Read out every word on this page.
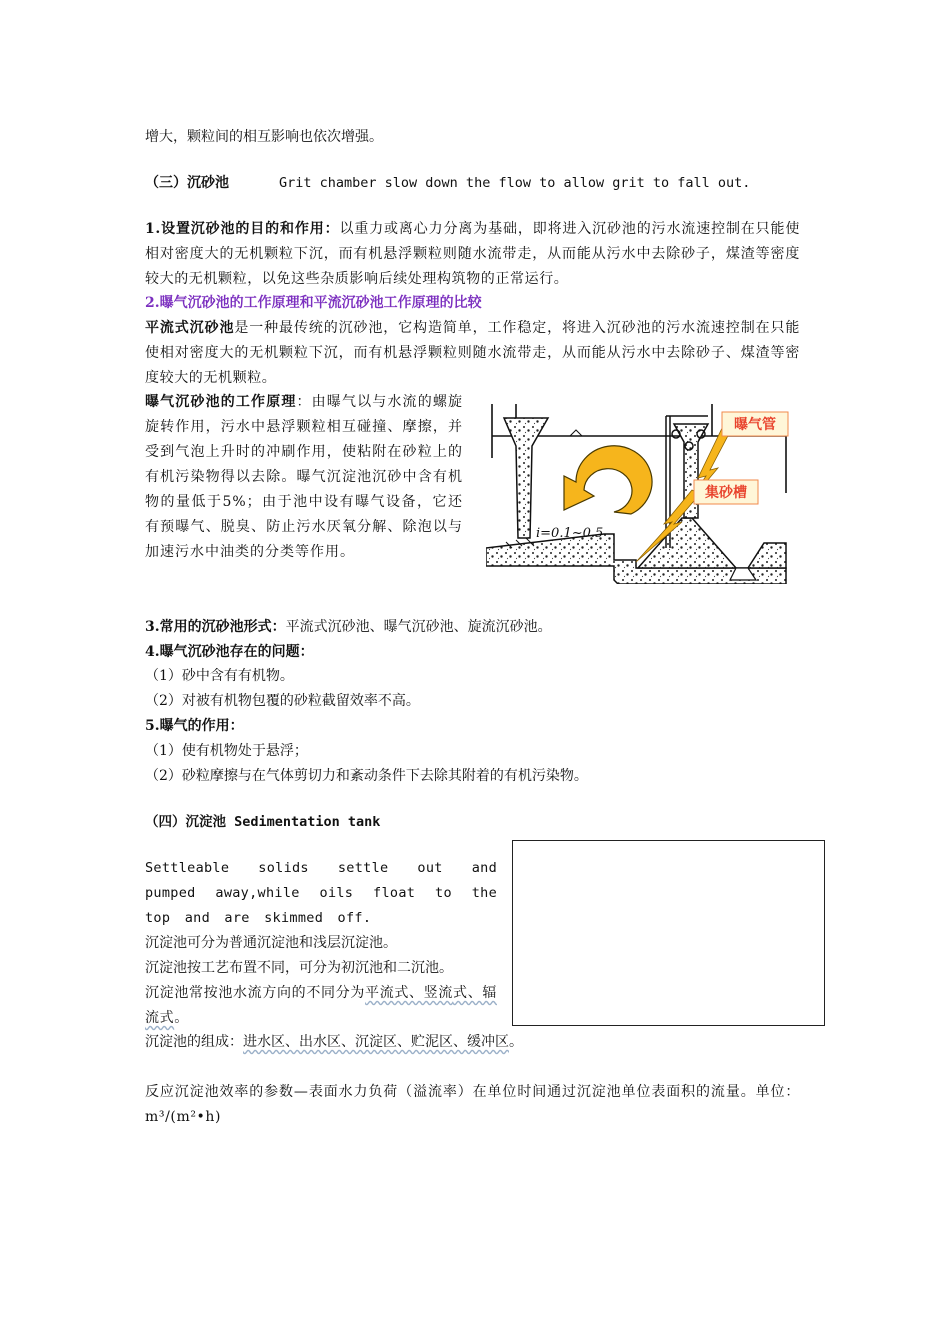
增大，颗粒间的相互影响也依次增强。
（三）沉砂池	Grit chamber slow down the flow to allow grit to fall out.
1.设置沉砂池的目的和作用：以重力或离心力分离为基础，即将进入沉砂池的污水流速控制在只能使相对密度大的无机颗粒下沉，而有机悬浮颗粒则随水流带走，从而能从污水中去除砂子，煤渣等密度较大的无机颗粒，以免这些杂质影响后续处理构筑物的正常运行。
2.曝气沉砂池的工作原理和平流沉砂池工作原理的比较
平流式沉砂池是一种最传统的沉砂池，它构造简单，工作稳定，将进入沉砂池的污水流速控制在只能使相对密度大的无机颗粒下沉，而有机悬浮颗粒则随水流带走，从而能从污水中去除砂子、煤渣等密度较大的无机颗粒。
曝气沉砂池的工作原理：由曝气以与水流的螺旋旋转作用，污水中悬浮颗粒相互碰撞、摩擦，并受到气泡上升时的冲刷作用，使粘附在砂粒上的有机污染物得以去除。曝气沉淀池沉砂中含有机物的量低于5%；由于池中设有曝气设备，它还有预曝气、脱臭、防止污水厌氧分解、除泡以与加速污水中油类的分类等作用。
i=0.1~0.5
曝气管
集砂槽
3.常用的沉砂池形式：平流式沉砂池、曝气沉砂池、旋流沉砂池。
4.曝气沉砂池存在的问题：
（1）砂中含有有机物。
（2）对被有机物包覆的砂粒截留效率不高。
5.曝气的作用：
（1）使有机物处于悬浮；
（2）砂粒摩擦与在气体剪切力和紊动条件下去除其附着的有机污染物。
（四）沉淀池 Sedimentation tank
Settleable solids settle out and pumped away,while oils float to the top and are skimmed off.
沉淀池可分为普通沉淀池和浅层沉淀池。
沉淀池按工艺布置不同，可分为初沉池和二沉池。
沉淀池常按池水流方向的不同分为平流式、竖流式、辐流式。
沉淀池的组成：进水区、出水区、沉淀区、贮泥区、缓冲区。
反应沉淀池效率的参数—表面水力负荷（溢流率）在单位时间通过沉淀池单位表面积的流量。单位：m³/(m²•h)
